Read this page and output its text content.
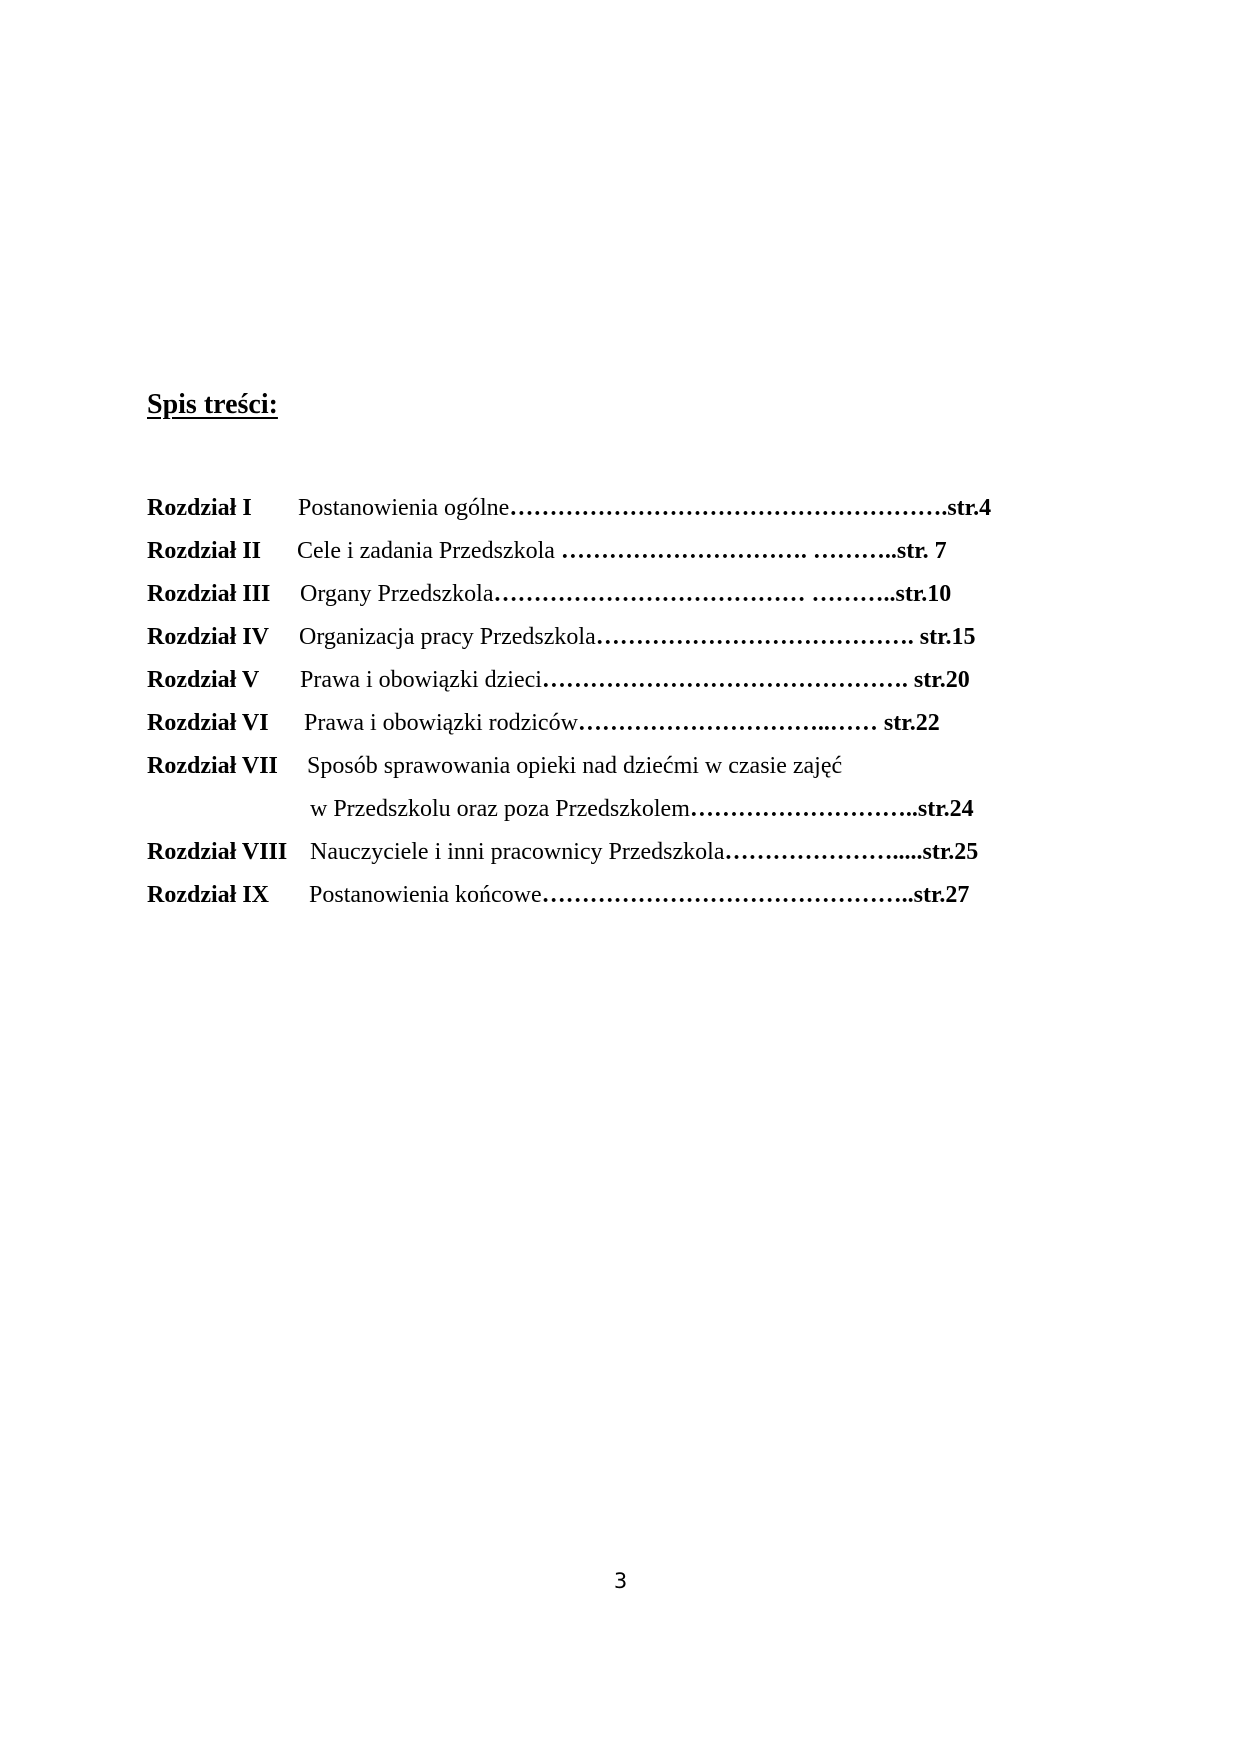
Spis treści:
Rozdział I Postanowienia ogólne……………………………………………….str.4
Rozdział II Cele i zadania Przedszkola …………………………. ………..str. 7
Rozdział III Organy Przedszkola………………………………… ………..str.10
Rozdział IV Organizacja pracy Przedszkola…………………………………. str.15
Rozdział V Prawa i obowiązki dzieci………………………………………. str.20
Rozdział VI Prawa i obowiązki rodziców…………………………..…… str.22
Rozdział VII Sposób sprawowania opieki nad dziećmi w czasie zajęć
w Przedszkolu oraz poza Przedszkolem………………………..str.24
Rozdział VIII Nauczyciele i inni pracownicy Przedszkola………………….....str.25
Rozdział IX Postanowienia końcowe………………………………………..str.27
3
